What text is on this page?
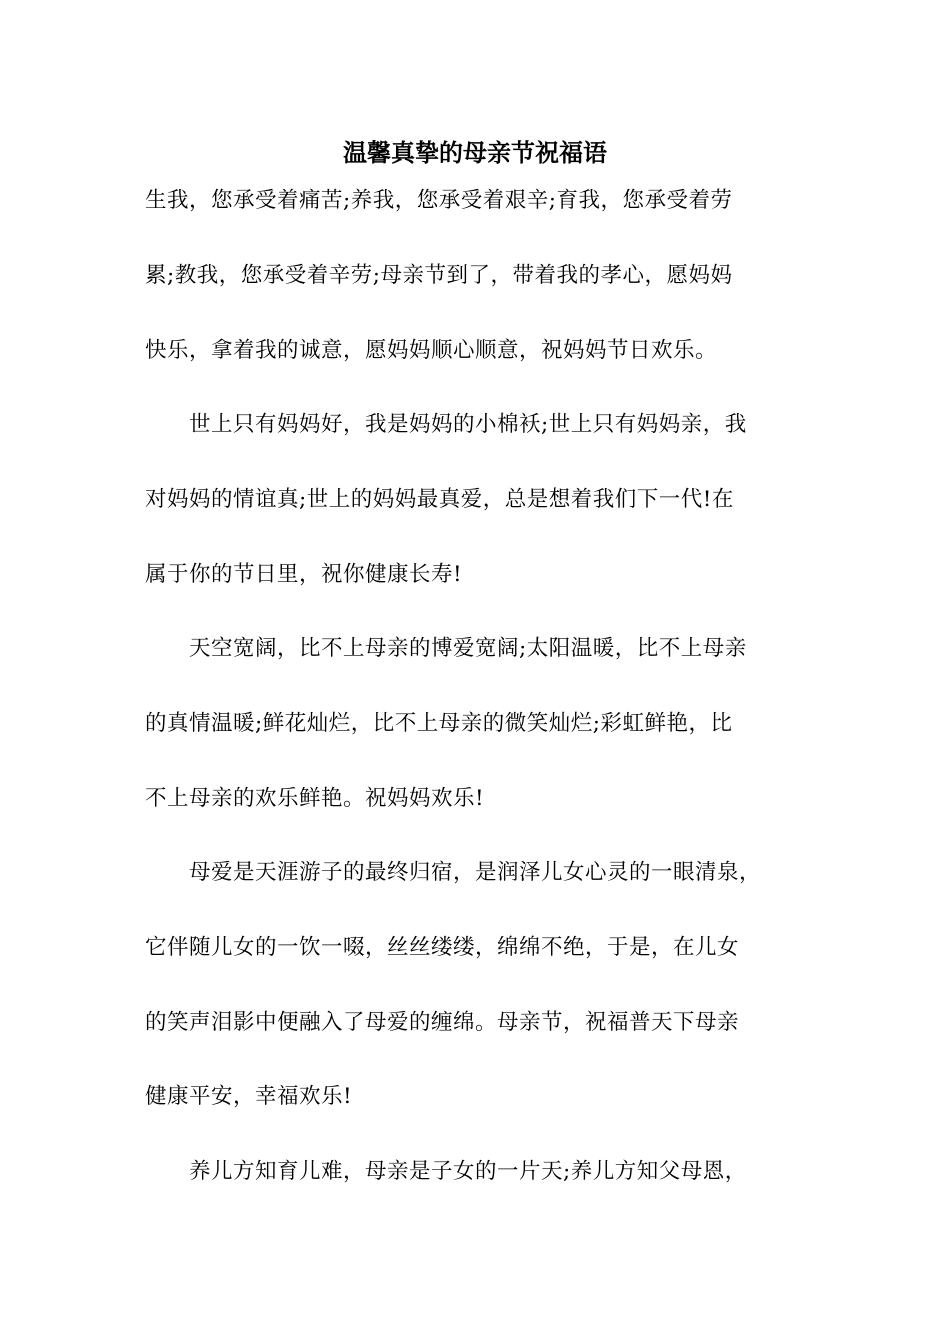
温馨真挚的母亲节祝福语
生我，您承受着痛苦;养我，您承受着艰辛;育我，您承受着劳
累;教我，您承受着辛劳;母亲节到了，带着我的孝心，愿妈妈
快乐，拿着我的诚意，愿妈妈顺心顺意，祝妈妈节日欢乐。
　　世上只有妈妈好，我是妈妈的小棉袄;世上只有妈妈亲，我
对妈妈的情谊真;世上的妈妈最真爱，总是想着我们下一代!在
属于你的节日里，祝你健康长寿!
　　天空宽阔，比不上母亲的博爱宽阔;太阳温暖，比不上母亲
的真情温暖;鲜花灿烂，比不上母亲的微笑灿烂;彩虹鲜艳，比
不上母亲的欢乐鲜艳。祝妈妈欢乐!
　　母爱是天涯游子的最终归宿，是润泽儿女心灵的一眼清泉，
它伴随儿女的一饮一啜，丝丝缕缕，绵绵不绝，于是，在儿女
的笑声泪影中便融入了母爱的缠绵。母亲节，祝福普天下母亲
健康平安，幸福欢乐!
　　养儿方知育儿难，母亲是子女的一片天;养儿方知父母恩，
